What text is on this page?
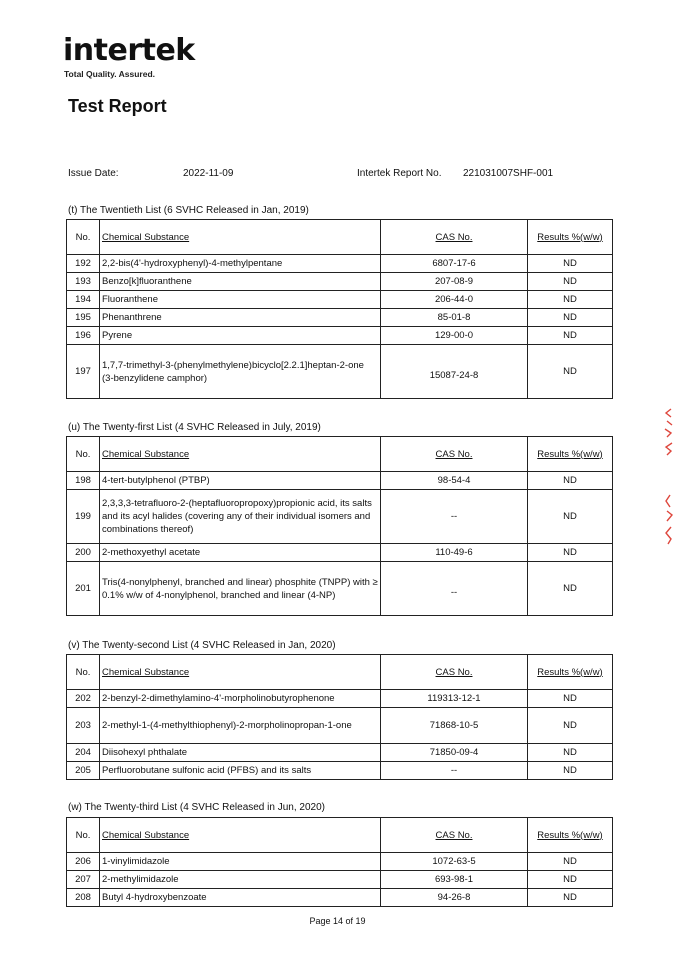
intertek
Total Quality. Assured.
Test Report
Issue Date:	2022-11-09	Intertek Report No. 221031007SHF-001
(t) The Twentieth List (6 SVHC Released in Jan, 2019)
No.	Chemical Substance	CAS No.	Results %(w/w)
192	2,2-bis(4'-hydroxyphenyl)-4-methylpentane	6807-17-6	ND
193	Benzo[k]fluoranthene	207-08-9	ND
194	Fluoranthene	206-44-0	ND
195	Phenanthrene	85-01-8	ND
196	Pyrene	129-00-0	ND
197	1,7,7-trimethyl-3-(phenylmethylene)bicyclo[2.2.1]heptan-2-one (3-benzylidene camphor)	15087-24-8	ND
(u) The Twenty-first List (4 SVHC Released in July, 2019)
No.	Chemical Substance	CAS No.	Results %(w/w)
198	4-tert-butylphenol (PTBP)	98-54-4	ND
199	2,3,3,3-tetrafluoro-2-(heptafluoropropoxy)propionic acid, its salts and its acyl halides (covering any of their individual isomers and combinations thereof)	--	ND
200	2-methoxyethyl acetate	110-49-6	ND
201	Tris(4-nonylphenyl, branched and linear) phosphite (TNPP) with ≥ 0.1% w/w of 4-nonylphenol, branched and linear (4-NP)	--	ND
(v) The Twenty-second List (4 SVHC Released in Jan, 2020)
No.	Chemical Substance	CAS No.	Results %(w/w)
202	2-benzyl-2-dimethylamino-4'-morpholinobutyrophenone	119313-12-1	ND
203	2-methyl-1-(4-methylthiophenyl)-2-morpholinopropan-1-one	71868-10-5	ND
204	Diisohexyl phthalate	71850-09-4	ND
205	Perfluorobutane sulfonic acid (PFBS) and its salts	--	ND
(w) The Twenty-third List (4 SVHC Released in Jun, 2020)
No.	Chemical Substance	CAS No.	Results %(w/w)
206	1-vinylimidazole	1072-63-5	ND
207	2-methylimidazole	693-98-1	ND
208	Butyl 4-hydroxybenzoate	94-26-8	ND
Page 14 of 19
